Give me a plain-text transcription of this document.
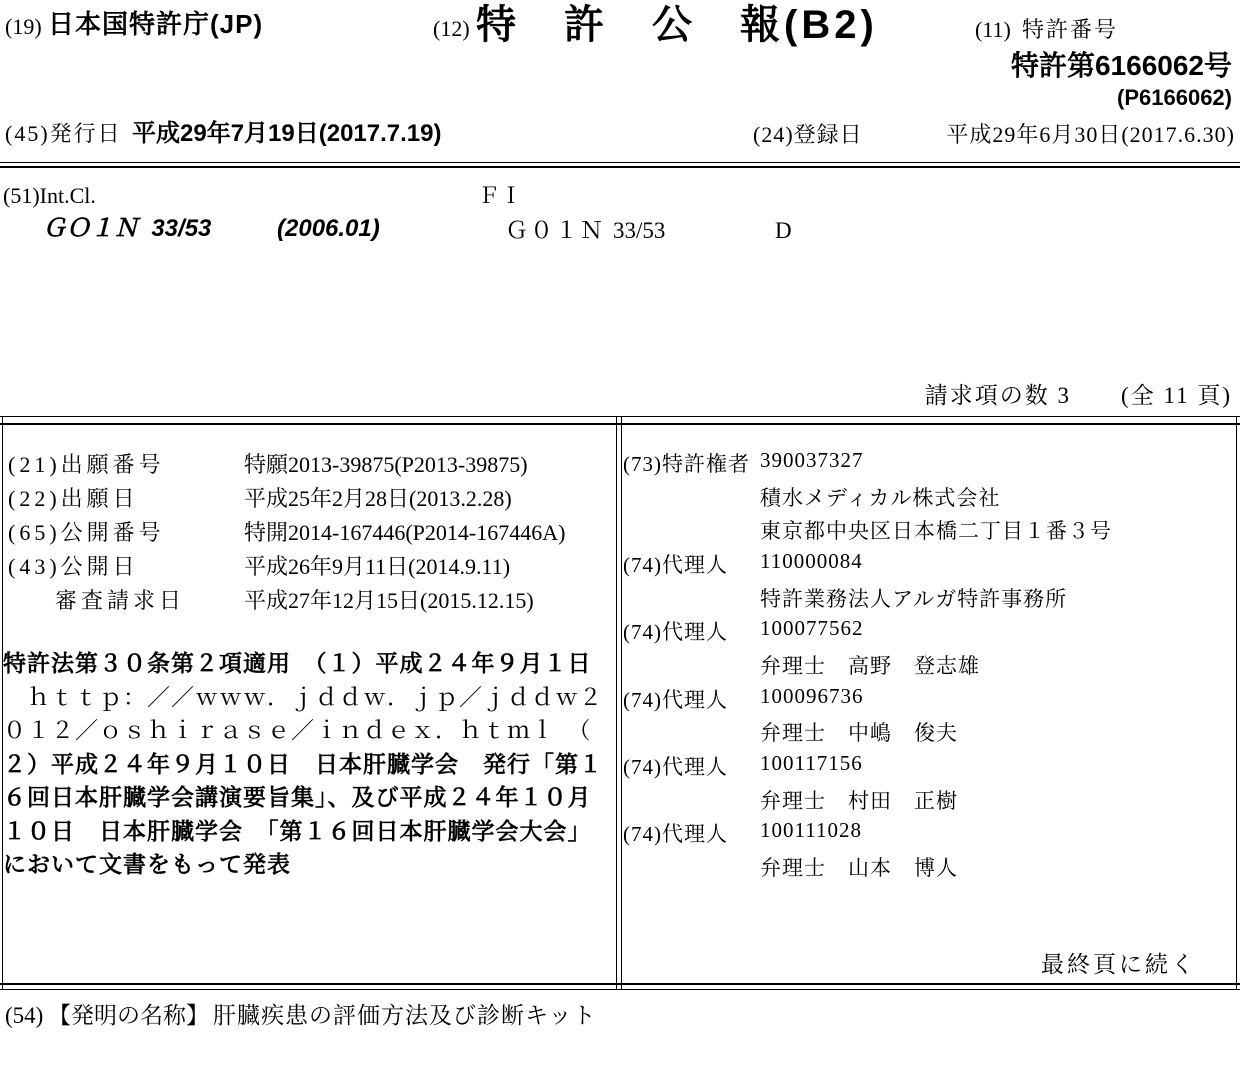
(19) 日本国特許庁(JP)	(12) 特　許　公　報(B2)	(11) 特許番号
特許第6166062号
(P6166062)
(45)発行日 平成29年7月19日(2017.7.19)	(24)登録日	平成29年6月30日(2017.6.30)
(51)Int.Cl.	ＦＩ
ＧＯ１Ｎ  33/53	(2006.01)	Ｇ０１Ｎ 33/53	D
請求項の数 3　　(全 11 頁)
(21)出願番号	特願2013-39875(P2013-39875)
(22)出願日	平成25年2月28日(2013.2.28)
(65)公開番号	特開2014-167446(P2014-167446A)
(43)公開日	平成26年9月11日(2014.9.11)
審査請求日	平成27年12月15日(2015.12.15)
特許法第３０条第２項適用　（１）平成２４年９月１日
　ｈｔｔｐ：／／ｗｗｗ．ｊｄｄｗ．ｊｐ／ｊｄｄｗ２
０１２／ｏｓｈｉｒａｓｅ／ｉｎｄｅｘ．ｈｔｍｌ　（
２）平成２４年９月１０日　日本肝臓学会　発行「第１
６回日本肝臓学会講演要旨集」、及び平成２４年１０月
１０日　日本肝臓学会　「第１６回日本肝臓学会大会」
において文書をもって発表
(73)特許権者 390037327
積水メディカル株式会社
東京都中央区日本橋二丁目１番３号
(74)代理人 110000084
特許業務法人アルガ特許事務所
(74)代理人 100077562
弁理士　高野　登志雄
(74)代理人 100096736
弁理士　中嶋　俊夫
(74)代理人 100117156
弁理士　村田　正樹
(74)代理人 100111028
弁理士　山本　博人
最終頁に続く
(54) 【発明の名称】 肝臓疾患の評価方法及び診断キット
